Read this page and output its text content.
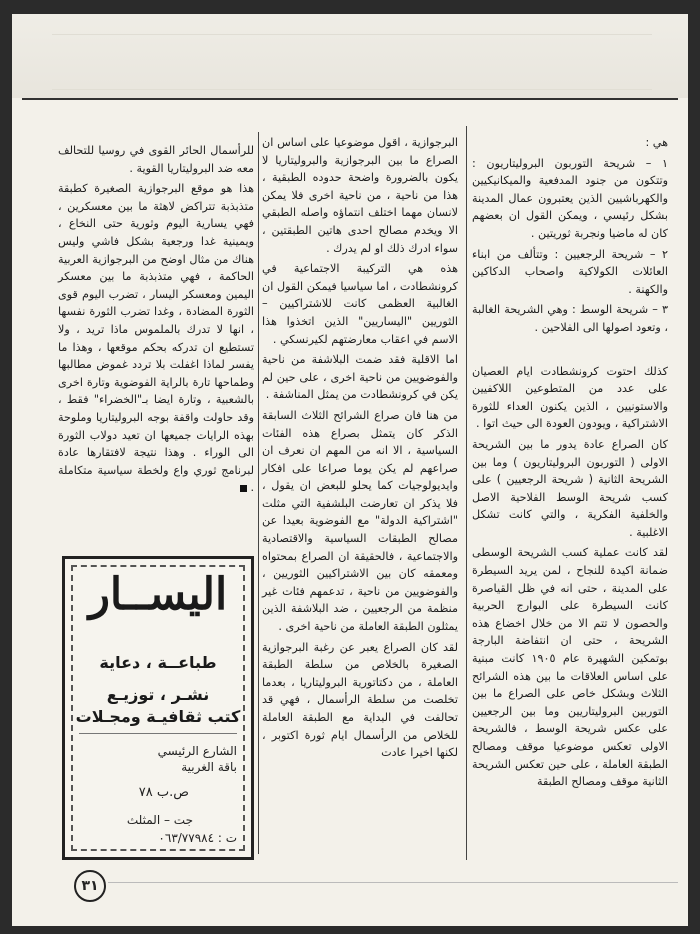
هي :

١ – شريحة التوربون البروليتاريون : وتتكون من جنود المدفعية والميكانيكيين والكهرباشيين الذين يعتبرون عمال المدينة بشكل رئيسي ، ويمكن القول ان بعضهم كان له ماضيا ونجربة ثوريتين .

٢ – شريحة الرجعيين : وتتألف من ابناء العائلات الكولاكية واصحاب الدكاكين والكهنة .

٣ – شريحة الوسط : وهي الشريحة الغالبة ، وتعود اصولها الى الفلاحين .

كذلك احتوت كرونشطادت ايام العصيان على عدد من المتطوعين اللاكفيين والاستونيين ، الذين يكنون العداء للثورة الاشتراكية ، ويودون العودة الى حيث اتوا .

كان الصراع عادة يدور ما بين الشريحة الاولى ( التوربون البروليتاريون ) وما بين الشريحة الثانية ( شريحة الرجعيين ) على كسب شريحة الوسط الفلاحية الاصل والخلفية الفكرية ، والتي كانت تشكل الاغلبية .

لقد كانت عملية كسب الشريحة الوسطى ضمانة اكيدة للنجاح ، لمن يريد السيطرة على المدينة ، حتى انه في ظل القياصرة كانت السيطرة على البوارج الحربية والحصون لا تتم الا من خلال اخضاع هذه الشريحة ، حتى ان انتفاضة البارجة بوتمكين الشهيرة عام ١٩٠٥ كانت مبنية على اساس العلاقات ما بين هذه الشرائح الثلاث وبشكل خاص على الصراع ما بين التوربين البروليتاريين وما بين الرجعيين على عكس شريحة الوسط ، فالشريحة الاولى تعكس موضوعيا موقف ومصالح الطبقة العاملة ، على حين تعكس الشريحة الثانية موقف ومصالح الطبقة

البرجوازية ، اقول موضوعيا على اساس ان الصراع ما بين البرجوازية والبروليتاريا لا يكون بالضرورة واضحة حدوده الطبقية ، هذا من ناحية ، من ناحية اخرى فلا يمكن لانسان مهما اختلف انتماؤه واصله الطبقي الا ويخدم مصالح احدى هاتين الطبقتين ، سواء ادرك ذلك او لم يدرك .

هذه هي التركيبة الاجتماعية في كرونشطادت ، اما سياسيا فيمكن القول ان الغالبية العظمى كانت للاشتراكيين – الثوريين "اليساريين" الذين اتخذوا هذا الاسم في اعقاب معارضتهم لكيرنسكي .

اما الاقلية فقد ضمت البلاشفة من ناحية والفوضويين من ناحية اخرى ، على حين لم يكن في كرونشطادت من يمثل المناشفة .

من هنا فان صراع الشرائح الثلاث السابقة الذكر كان يتمثل بصراع هذه الفئات السياسية ، الا انه من المهم ان نعرف ان صراعهم لم يكن يوما صراعا على افكار وايديولوجيات كما يحلو للبعض ان يقول ، فلا يذكر ان تعارضت البلشفية التي مثلت "اشتراكية الدولة" مع الفوضوية بعيدا عن مصالح الطبقات السياسية والاقتصادية والاجتماعية ، فالحقيقة ان الصراع بمحتواه ومعمقه كان بين الاشتراكيين الثوريين ، والفوضويين من ناحية ، تدعمهم فئات غير منظمة من الرجعيين ، ضد البلاشفة الذين يمثلون الطبقة العاملة من ناحية اخرى .

لقد كان الصراع يعبر عن رغبة البرجوازية الصغيرة بالخلاص من سلطة الطبقة العاملة ، من دكتاتورية البروليتاريا ، بعدما تخلصت من سلطة الرأسمال ، فهي قد تحالفت في البداية مع الطبقة العاملة للخلاص من الرأسمال ايام ثورة اكتوبر ، لكنها اخيرا عادت

للرأسمال الحائر القوى في روسيا للتحالف معه ضد البروليتاريا القوية .

هذا هو موقع البرجوازية الصغيرة كطبقة متذبذبة تتراكض لاهثة ما بين معسكرين ، فهي يسارية اليوم وثورية حتى النخاع ، ويمينية غدا ورجعية بشكل فاشي وليس هناك من مثال اوضح من البرجوازية العربية الحاكمة ، فهي متذبذبة ما بين معسكر اليمين ومعسكر اليسار ، تضرب اليوم قوى الثورة المضادة ، وغدا تضرب الثورة نفسها ، انها لا تدرك بالملموس ماذا تريد ، ولا تستطيع ان تدركه بحكم موقعها ، وهذا ما يفسر لماذا اغفلت بلا تردد غموض مطالبها وطماحها تارة بالراية الفوضوية وتارة اخرى بالشعبية ، وتارة ايضا بـ"الخضراء" فقط ، وقد حاولت واقفة بوجه البروليتاريا وملوحة بهذه الرايات جميعها ان تعيد دولاب الثورة الى الوراء . وهذا نتيجة لافتقارها عادة لبرنامج ثوري واع ولخطة سياسية متكاملة .

اليســار
طباعــة ، دعاية
نشـر ، توزيـع
كتب ثقافيـة ومجـلات
الشارع الرئيسي
باقة الغربية
ص.ب ٧٨
جت – المثلث
ت : ٠٦٣/٧٧٩٨٤
٣١
